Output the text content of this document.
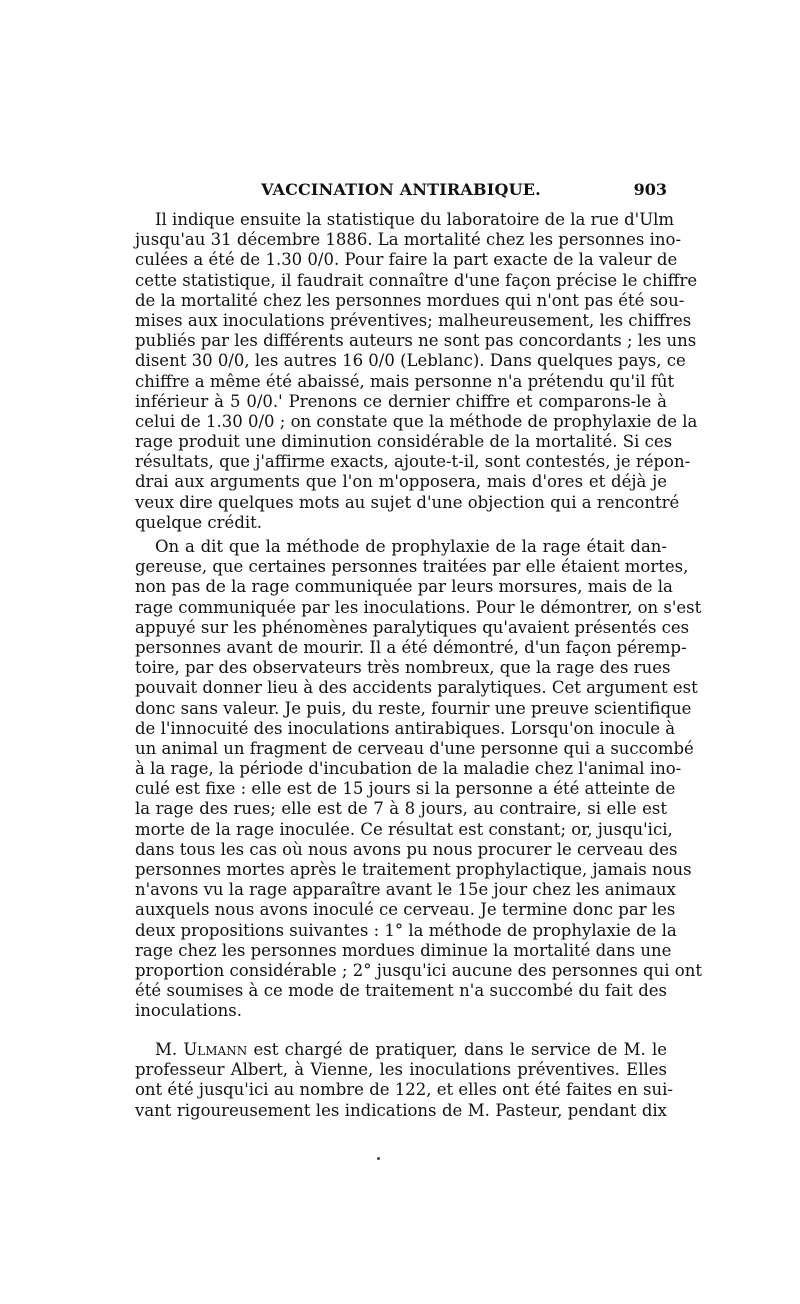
VACCINATION ANTIRABIQUE.	903
Il indique ensuite la statistique du laboratoire de la rue d'Ulm
jusqu'au 31 décembre 1886. La mortalité chez les personnes ino-
culées a été de 1.30 0/0. Pour faire la part exacte de la valeur de
cette statistique, il faudrait connaître d'une façon précise le chiffre
de la mortalité chez les personnes mordues qui n'ont pas été sou-
mises aux inoculations préventives; malheureusement, les chiffres
publiés par les différents auteurs ne sont pas concordants ; les uns
disent 30 0/0, les autres 16 0/0 (Leblanc). Dans quelques pays, ce
chiffre a même été abaissé, mais personne n'a prétendu qu'il fût
inférieur à 5 0/0.' Prenons ce dernier chiffre et comparons-le à
celui de 1.30 0/0 ; on constate que la méthode de prophylaxie de la
rage produit une diminution considérable de la mortalité. Si ces
résultats, que j'affirme exacts, ajoute-t-il, sont contestés, je répon-
drai aux arguments que l'on m'opposera, mais d'ores et déjà je
veux dire quelques mots au sujet d'une objection qui a rencontré
quelque crédit.
On a dit que la méthode de prophylaxie de la rage était dan-
gereuse, que certaines personnes traitées par elle étaient mortes,
non pas de la rage communiquée par leurs morsures, mais de la
rage communiquée par les inoculations. Pour le démontrer, on s'est
appuyé sur les phénomènes paralytiques qu'avaient présentés ces
personnes avant de mourir. Il a été démontré, d'un façon péremp-
toire, par des observateurs très nombreux, que la rage des rues
pouvait donner lieu à des accidents paralytiques. Cet argument est
donc sans valeur. Je puis, du reste, fournir une preuve scientifique
de l'innocuité des inoculations antirabiques. Lorsqu'on inocule à
un animal un fragment de cerveau d'une personne qui a succombé
à la rage, la période d'incubation de la maladie chez l'animal ino-
culé est fixe : elle est de 15 jours si la personne a été atteinte de
la rage des rues; elle est de 7 à 8 jours, au contraire, si elle est
morte de la rage inoculée. Ce résultat est constant; or, jusqu'ici,
dans tous les cas où nous avons pu nous procurer le cerveau des
personnes mortes après le traitement prophylactique, jamais nous
n'avons vu la rage apparaître avant le 15e jour chez les animaux
auxquels nous avons inoculé ce cerveau. Je termine donc par les
deux propositions suivantes : 1° la méthode de prophylaxie de la
rage chez les personnes mordues diminue la mortalité dans une
proportion considérable ; 2° jusqu'ici aucune des personnes qui ont
été soumises à ce mode de traitement n'a succombé du fait des
inoculations.
M. Ulmann est chargé de pratiquer, dans le service de M. le
professeur Albert, à Vienne, les inoculations préventives. Elles
ont été jusqu'ici au nombre de 122, et elles ont été faites en sui-
vant rigoureusement les indications de M. Pasteur, pendant dix
